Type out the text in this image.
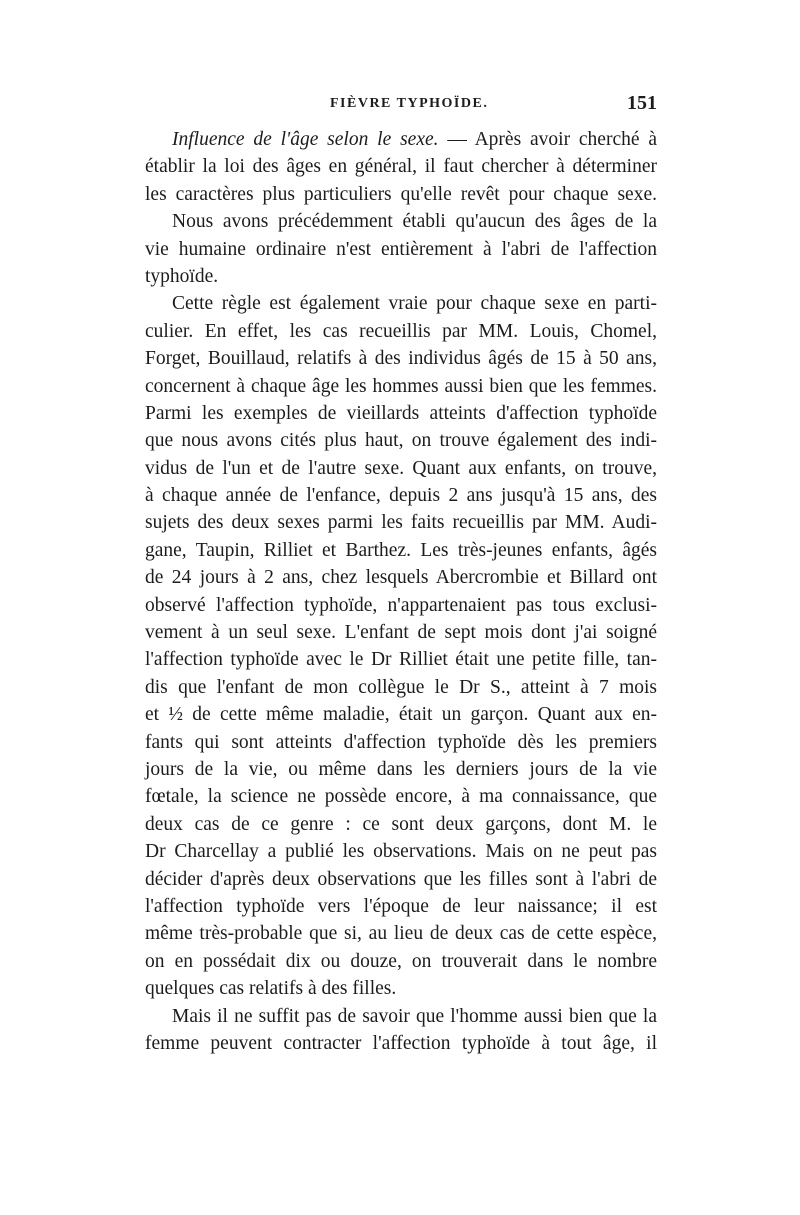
FIÈVRE TYPHOÏDE.	151
Influence de l'âge selon le sexe. — Après avoir cherché à
établir la loi des âges en général, il faut chercher à déterminer
les caractères plus particuliers qu'elle revêt pour chaque sexe.
Nous avons précédemment établi qu'aucun des âges de la
vie humaine ordinaire n'est entièrement à l'abri de l'affection
typhoïde.
Cette règle est également vraie pour chaque sexe en parti-
culier. En effet, les cas recueillis par MM. Louis, Chomel,
Forget, Bouillaud, relatifs à des individus âgés de 15 à 50 ans,
concernent à chaque âge les hommes aussi bien que les femmes.
Parmi les exemples de vieillards atteints d'affection typhoïde
que nous avons cités plus haut, on trouve également des indi-
vidus de l'un et de l'autre sexe. Quant aux enfants, on trouve,
à chaque année de l'enfance, depuis 2 ans jusqu'à 15 ans, des
sujets des deux sexes parmi les faits recueillis par MM. Audi-
gane, Taupin, Rilliet et Barthez. Les très-jeunes enfants, âgés
de 24 jours à 2 ans, chez lesquels Abercrombie et Billard ont
observé l'affection typhoïde, n'appartenaient pas tous exclusi-
vement à un seul sexe. L'enfant de sept mois dont j'ai soigné
l'affection typhoïde avec le Dr Rilliet était une petite fille, tan-
dis que l'enfant de mon collègue le Dr S., atteint à 7 mois
et ½ de cette même maladie, était un garçon. Quant aux en-
fants qui sont atteints d'affection typhoïde dès les premiers
jours de la vie, ou même dans les derniers jours de la vie
fœtale, la science ne possède encore, à ma connaissance, que
deux cas de ce genre : ce sont deux garçons, dont M. le
Dr Charcellay a publié les observations. Mais on ne peut pas
décider d'après deux observations que les filles sont à l'abri de
l'affection typhoïde vers l'époque de leur naissance; il est
même très-probable que si, au lieu de deux cas de cette espèce,
on en possédait dix ou douze, on trouverait dans le nombre
quelques cas relatifs à des filles.
Mais il ne suffit pas de savoir que l'homme aussi bien que la
femme peuvent contracter l'affection typhoïde à tout âge, il
